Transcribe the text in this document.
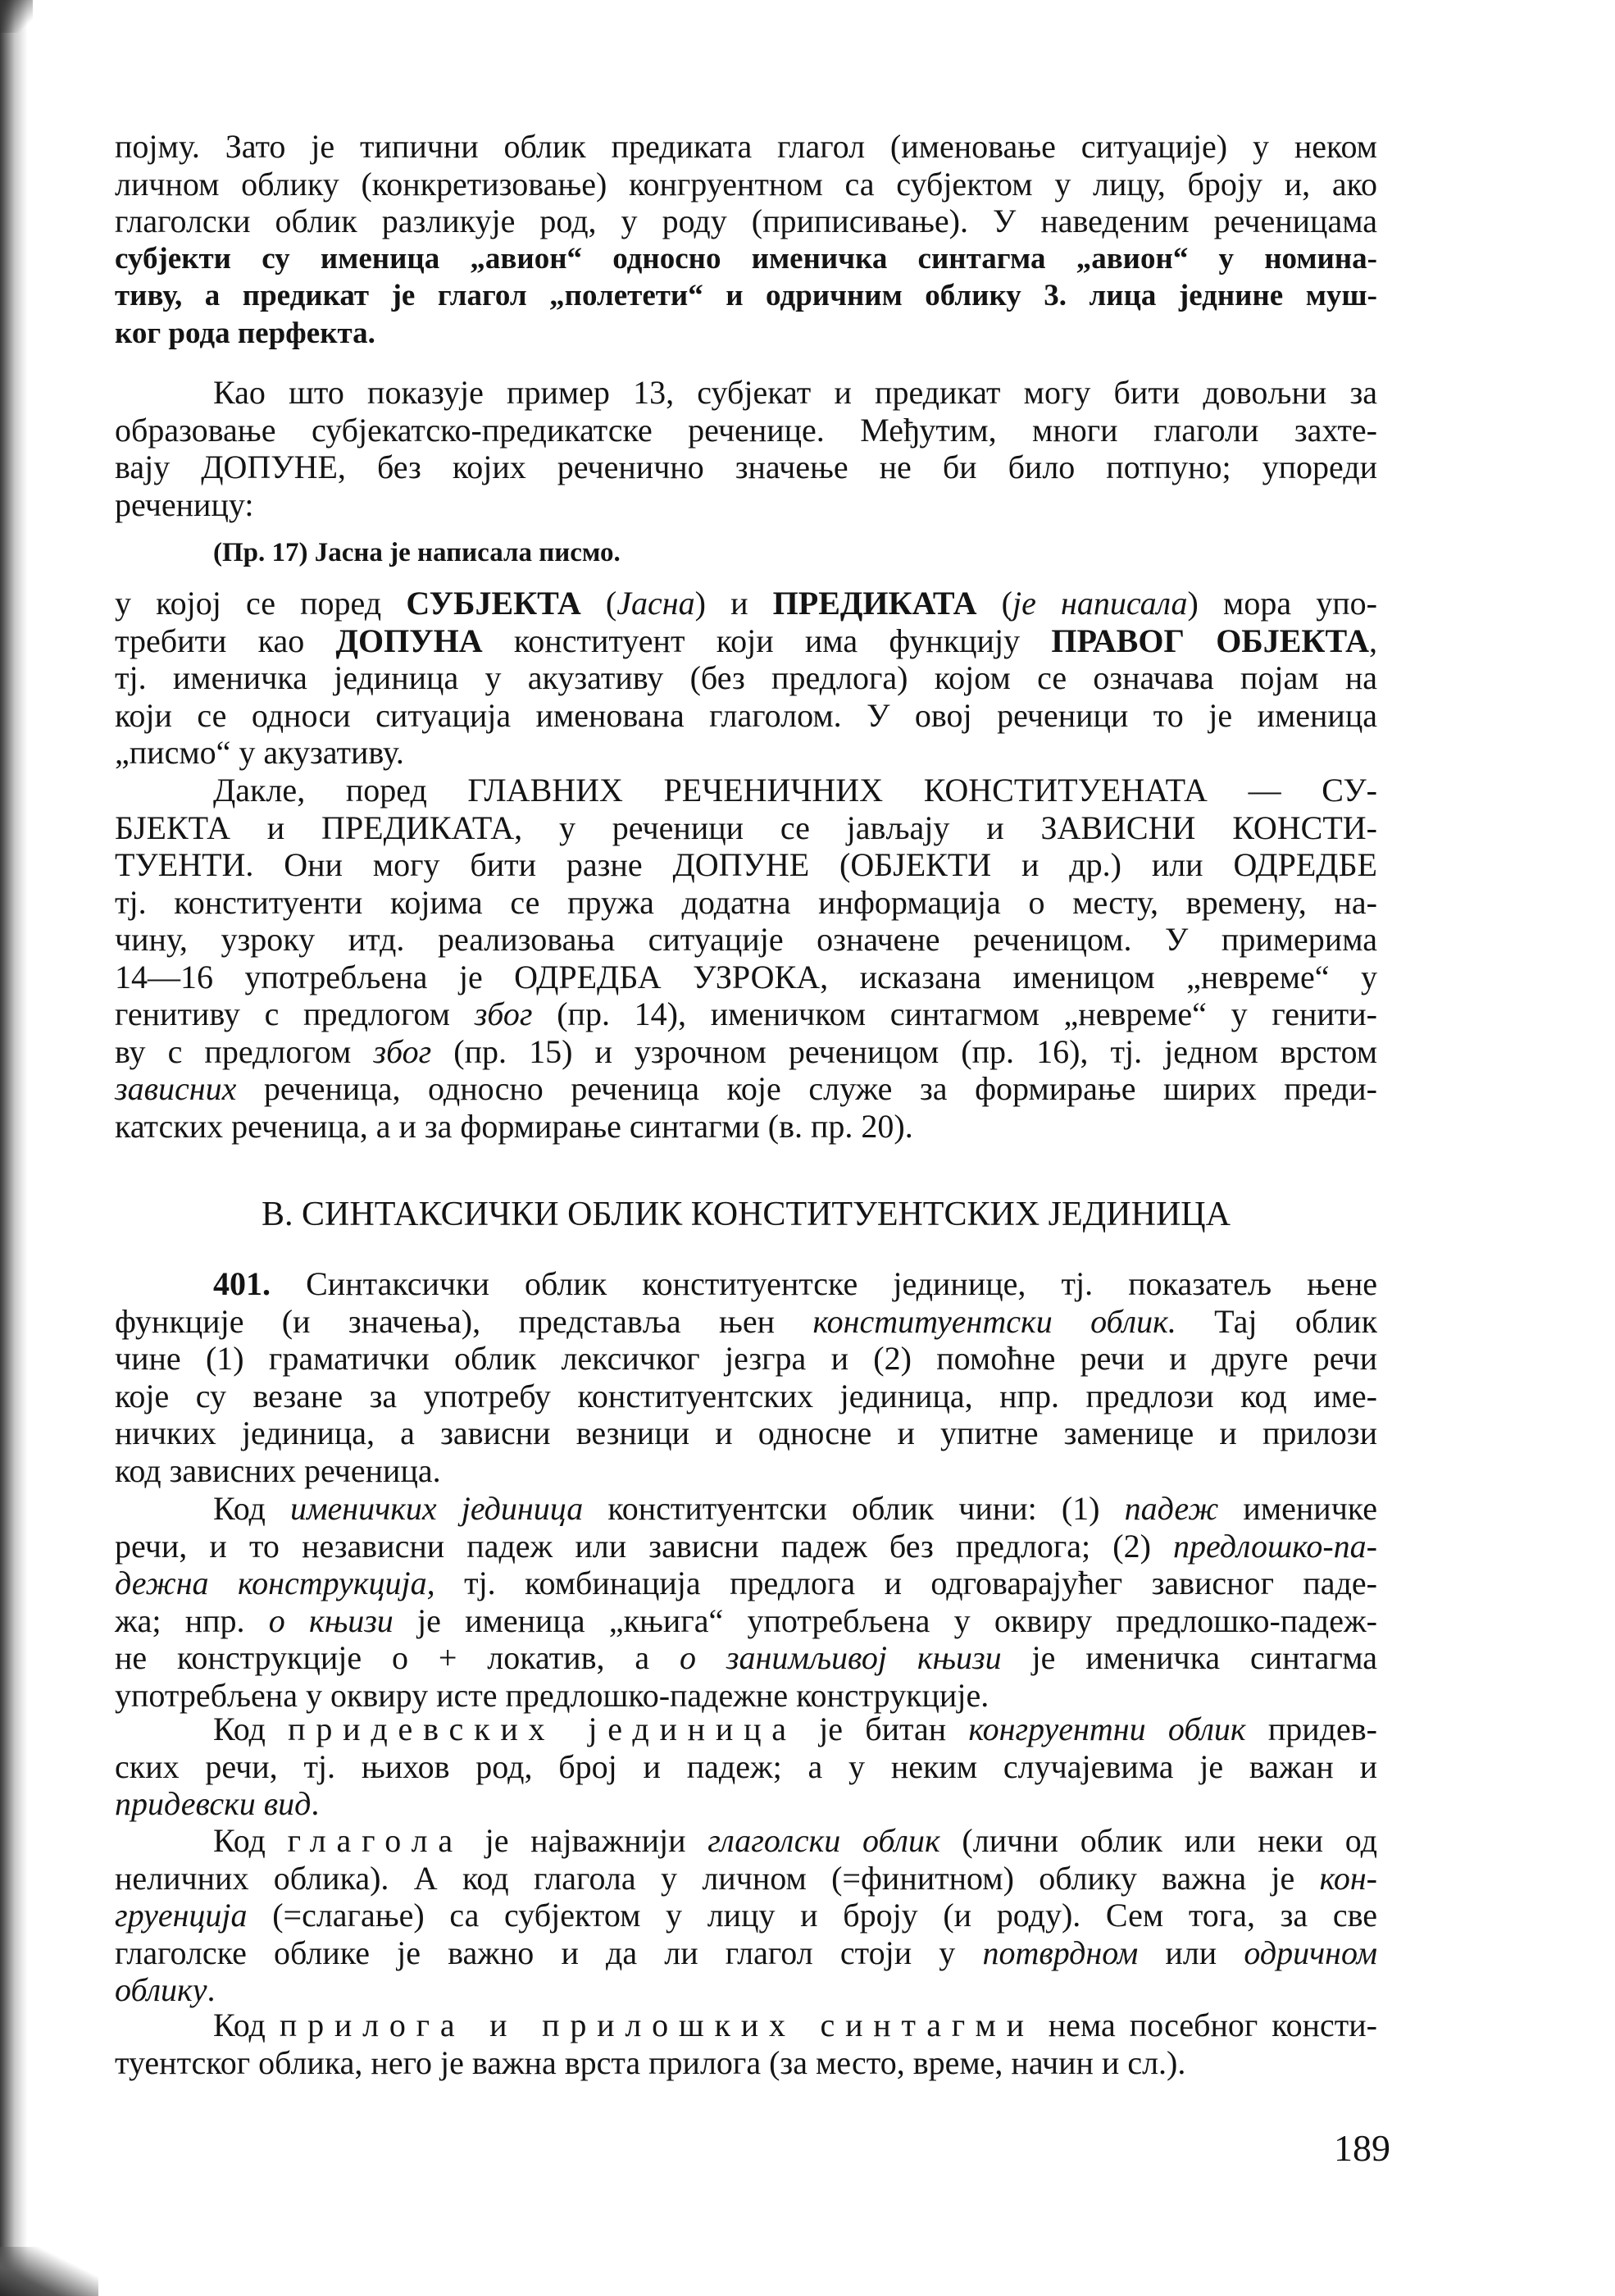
појму. Зато је типични облик предиката глагол (именовање ситуације) у неком
личном облику (конкретизовање) конгруентном са субјектом у лицу, броју и, ако
глаголски облик разликује род, у роду (приписивање). У наведеним реченицама
субјекти су именица „авион“ односно именичка синтагма „авион“ у номина-
тиву, а предикат је глагол „полетети“ и одричним облику 3. лица једнине муш-
ког рода перфекта.
Као што показује пример 13, субјекат и предикат могу бити довољни за
образовање субјекатско-предикатске реченице. Међутим, многи глаголи захте-
вају ДОПУНЕ, без којих реченично значење не би било потпуно; упореди
реченицу:
(Пр. 17) Јасна је написала писмо.
у којој се поред СУБЈЕКТА (Јасна) и ПРЕДИКАТА (је написала) мора упо-
требити као ДОПУНА конституент који има функцију ПРАВОГ ОБЈЕКТА,
тј. именичка јединица у акузативу (без предлога) којом се означава појам на
који се односи ситуација именована глаголом. У овој реченици то је именица
„писмо“ у акузативу.
Дакле, поред ГЛАВНИХ РЕЧЕНИЧНИХ КОНСТИТУЕНАТА — СУ-
БЈЕКТА и ПРЕДИКАТА, у реченици се јављају и ЗАВИСНИ КОНСТИ-
ТУЕНТИ. Они могу бити разне ДОПУНЕ (ОБЈЕКТИ и др.) или ОДРЕДБЕ
тј. конституенти којима се пружа додатна информација о месту, времену, на-
чину, узроку итд. реализовања ситуације означене реченицом. У примерима
14—16 употребљена је ОДРЕДБА УЗРОКА, исказана именицом „невреме“ у
генитиву с предлогом због (пр. 14), именичком синтагмом „невреме“ у генити-
ву с предлогом због (пр. 15) и узрочном реченицом (пр. 16), тј. једном врстом
зависних реченица, односно реченица које служе за формирање ширих преди-
катских реченица, а и за формирање синтагми (в. пр. 20).
В. СИНТАКСИЧКИ ОБЛИК КОНСТИТУЕНТСКИХ ЈЕДИНИЦА
401. Синтаксички облик конституентске јединице, тј. показатељ њене
функције (и значења), представља њен конституентски облик. Тај облик
чине (1) граматички облик лексичког језгра и (2) помоћне речи и друге речи
које су везане за употребу конституентских јединица, нпр. предлози код име-
ничких јединица, а зависни везници и односне и упитне заменице и прилози
код зависних реченица.
Код именичких јединица конституентски облик чини: (1) падеж именичке
речи, и то независни падеж или зависни падеж без предлога; (2) предлошко-па-
дежна конструкција, тј. комбинација предлога и одговарајућег зависног паде-
жа; нпр. о књизи је именица „књига“ употребљена у оквиру предлошко-падеж-
не конструкције о + локатив, а о занимљивој књизи је именичка синтагма
употребљена у оквиру исте предлошко-падежне конструкције.
Код придевских јединица је битан конгруентни облик придев-
ских речи, тј. њихов род, број и падеж; а у неким случајевима је важан и
придевски вид.
Код глагола је најважнији глаголски облик (лични облик или неки од
неличних облика). А код глагола у личном (=финитном) облику важна је кон-
груенција (=слагање) са субјектом у лицу и броју (и роду). Сем тога, за све
глаголске облике је важно и да ли глагол стоји у потврдном или одричном
облику.
Код прилога и прилошких синтагми нема посебног консти-
туентског облика, него је важна врста прилога (за место, време, начин и сл.).
189
